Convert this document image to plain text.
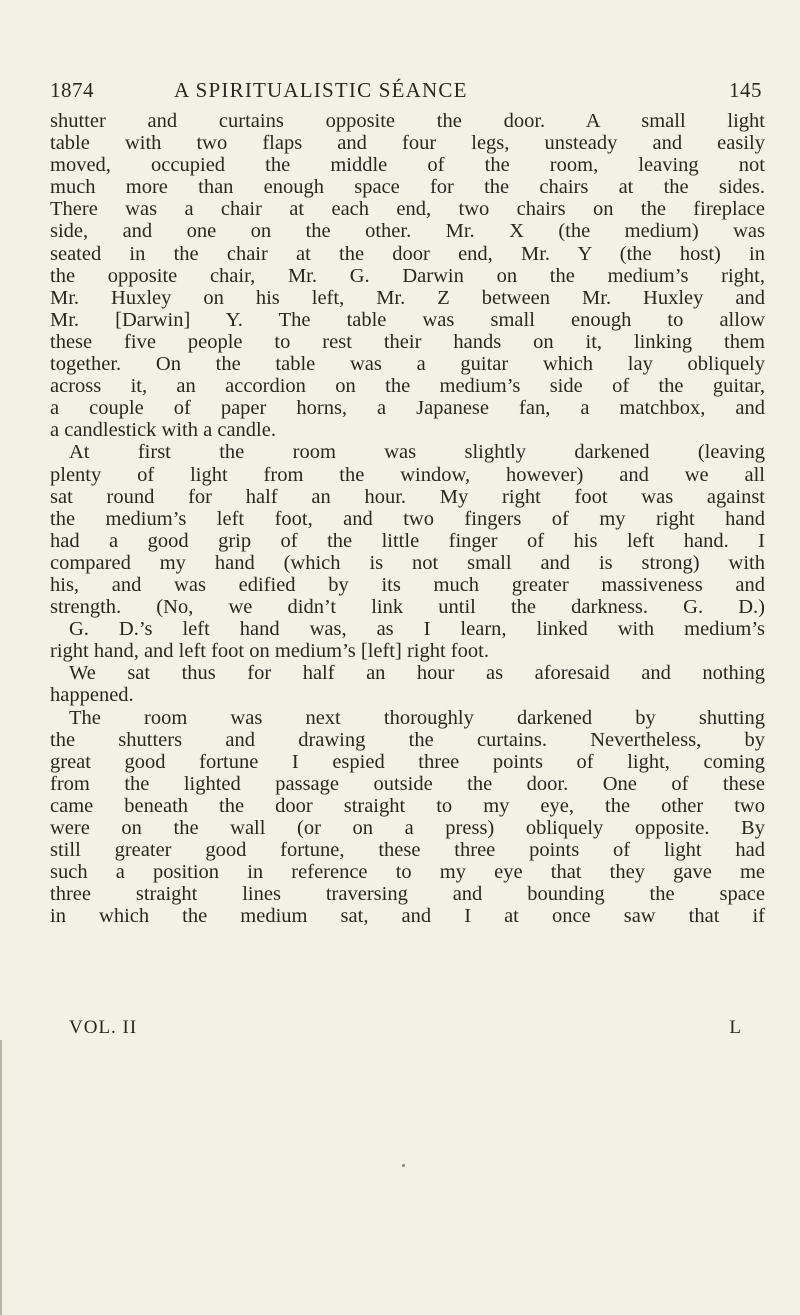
1874	A SPIRITUALISTIC SÉANCE	145
shutter and curtains opposite the door. A small light
table with two flaps and four legs, unsteady and easily
moved, occupied the middle of the room, leaving not
much more than enough space for the chairs at the sides.
There was a chair at each end, two chairs on the fireplace
side, and one on the other. Mr. X (the medium) was
seated in the chair at the door end, Mr. Y (the host) in
the opposite chair, Mr. G. Darwin on the medium’s right,
Mr. Huxley on his left, Mr. Z between Mr. Huxley and
Mr. [Darwin] Y. The table was small enough to allow
these five people to rest their hands on it, linking them
together. On the table was a guitar which lay obliquely
across it, an accordion on the medium’s side of the guitar,
a couple of paper horns, a Japanese fan, a matchbox, and
a candlestick with a candle.
At first the room was slightly darkened (leaving
plenty of light from the window, however) and we all
sat round for half an hour. My right foot was against
the medium’s left foot, and two fingers of my right hand
had a good grip of the little finger of his left hand. I
compared my hand (which is not small and is strong) with
his, and was edified by its much greater massiveness and
strength. (No, we didn’t link until the darkness. G. D.)
G. D.’s left hand was, as I learn, linked with medium’s
right hand, and left foot on medium’s [left] right foot.
We sat thus for half an hour as aforesaid and nothing
happened.
The room was next thoroughly darkened by shutting
the shutters and drawing the curtains. Nevertheless, by
great good fortune I espied three points of light, coming
from the lighted passage outside the door. One of these
came beneath the door straight to my eye, the other two
were on the wall (or on a press) obliquely opposite. By
still greater good fortune, these three points of light had
such a position in reference to my eye that they gave me
three straight lines traversing and bounding the space
in which the medium sat, and I at once saw that if
VOL. II	L
